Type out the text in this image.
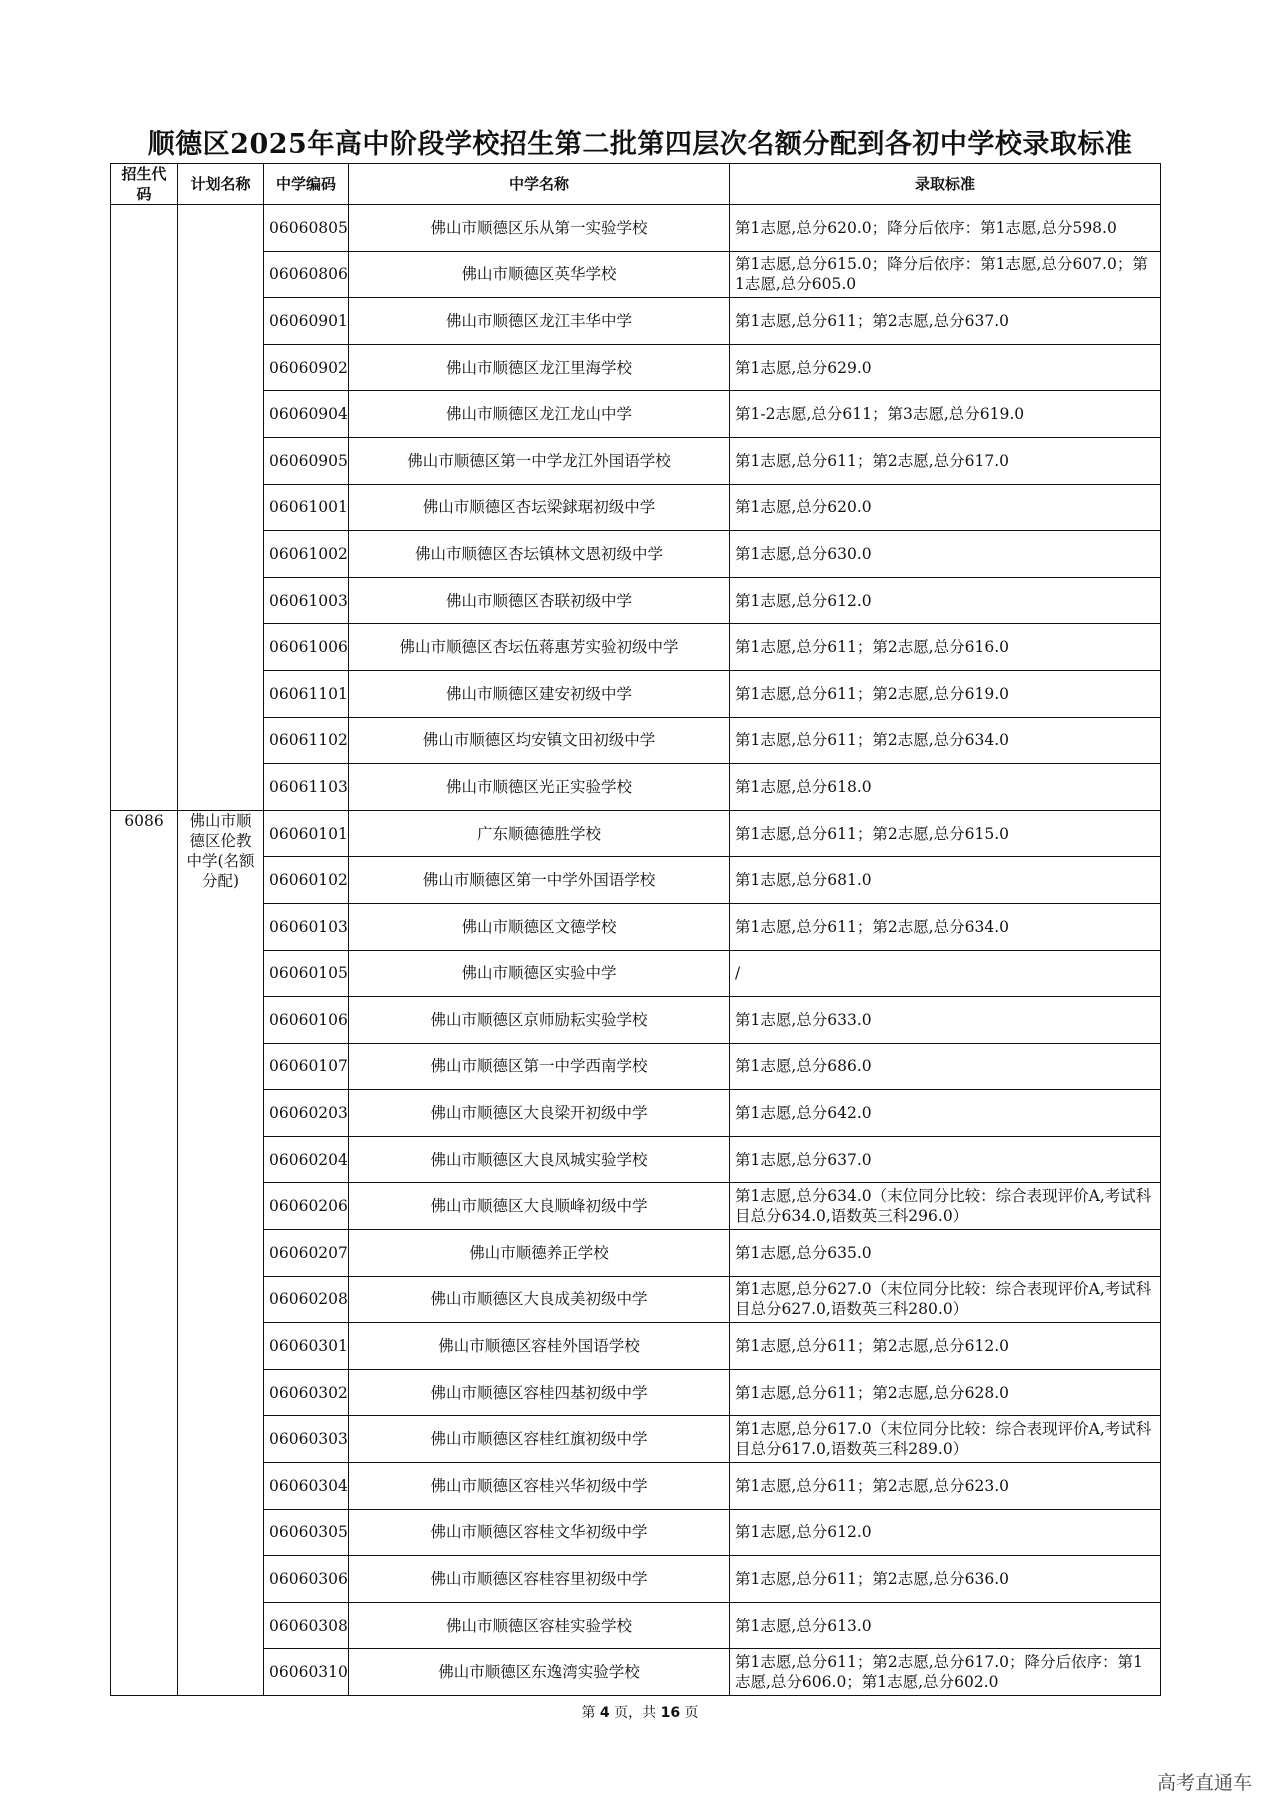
顺德区2025年高中阶段学校招生第二批第四层次名额分配到各初中学校录取标准
招生代码	计划名称	中学编码	中学名称	录取标准
		06060805	佛山市顺德区乐从第一实验学校	第1志愿,总分620.0；降分后依序：第1志愿,总分598.0
		06060806	佛山市顺德区英华学校	第1志愿,总分615.0；降分后依序：第1志愿,总分607.0；第1志愿,总分605.0
		06060901	佛山市顺德区龙江丰华中学	第1志愿,总分611；第2志愿,总分637.0
		06060902	佛山市顺德区龙江里海学校	第1志愿,总分629.0
		06060904	佛山市顺德区龙江龙山中学	第1-2志愿,总分611；第3志愿,总分619.0
		06060905	佛山市顺德区第一中学龙江外国语学校	第1志愿,总分611；第2志愿,总分617.0
		06061001	佛山市顺德区杏坛梁銶琚初级中学	第1志愿,总分620.0
		06061002	佛山市顺德区杏坛镇林文恩初级中学	第1志愿,总分630.0
		06061003	佛山市顺德区杏联初级中学	第1志愿,总分612.0
		06061006	佛山市顺德区杏坛伍蒋惠芳实验初级中学	第1志愿,总分611；第2志愿,总分616.0
		06061101	佛山市顺德区建安初级中学	第1志愿,总分611；第2志愿,总分619.0
		06061102	佛山市顺德区均安镇文田初级中学	第1志愿,总分611；第2志愿,总分634.0
		06061103	佛山市顺德区光正实验学校	第1志愿,总分618.0
6086	佛山市顺德区伦教中学(名额分配)	06060101	广东顺德德胜学校	第1志愿,总分611；第2志愿,总分615.0
		06060102	佛山市顺德区第一中学外国语学校	第1志愿,总分681.0
		06060103	佛山市顺德区文德学校	第1志愿,总分611；第2志愿,总分634.0
		06060105	佛山市顺德区实验中学	/
		06060106	佛山市顺德区京师励耘实验学校	第1志愿,总分633.0
		06060107	佛山市顺德区第一中学西南学校	第1志愿,总分686.0
		06060203	佛山市顺德区大良梁开初级中学	第1志愿,总分642.0
		06060204	佛山市顺德区大良凤城实验学校	第1志愿,总分637.0
		06060206	佛山市顺德区大良顺峰初级中学	第1志愿,总分634.0（末位同分比较：综合表现评价A,考试科目总分634.0,语数英三科296.0）
		06060207	佛山市顺德养正学校	第1志愿,总分635.0
		06060208	佛山市顺德区大良成美初级中学	第1志愿,总分627.0（末位同分比较：综合表现评价A,考试科目总分627.0,语数英三科280.0）
		06060301	佛山市顺德区容桂外国语学校	第1志愿,总分611；第2志愿,总分612.0
		06060302	佛山市顺德区容桂四基初级中学	第1志愿,总分611；第2志愿,总分628.0
		06060303	佛山市顺德区容桂红旗初级中学	第1志愿,总分617.0（末位同分比较：综合表现评价A,考试科目总分617.0,语数英三科289.0）
		06060304	佛山市顺德区容桂兴华初级中学	第1志愿,总分611；第2志愿,总分623.0
		06060305	佛山市顺德区容桂文华初级中学	第1志愿,总分612.0
		06060306	佛山市顺德区容桂容里初级中学	第1志愿,总分611；第2志愿,总分636.0
		06060308	佛山市顺德区容桂实验学校	第1志愿,总分613.0
		06060310	佛山市顺德区东逸湾实验学校	第1志愿,总分611；第2志愿,总分617.0；降分后依序：第1志愿,总分606.0；第1志愿,总分602.0
第 4 页，共 16 页
高考直通车
